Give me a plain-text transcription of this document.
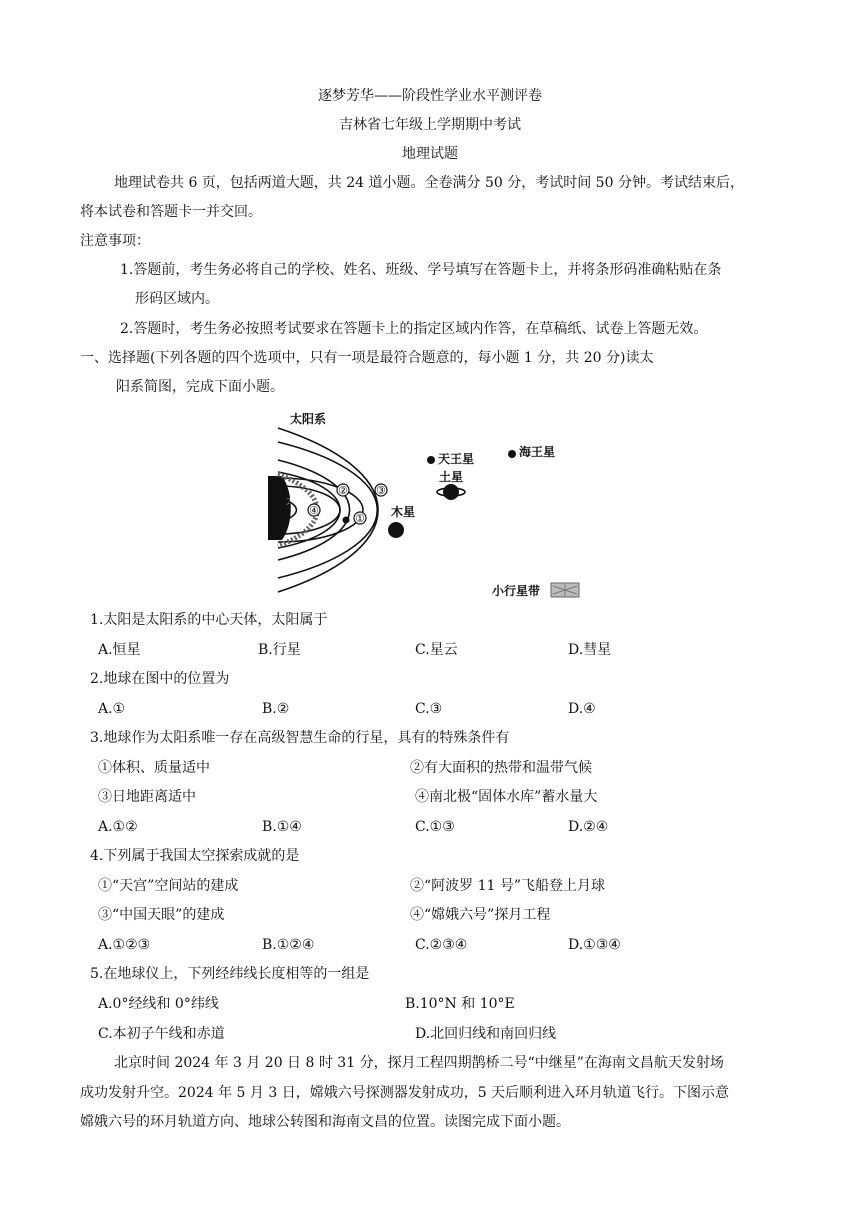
逐梦芳华——阶段性学业水平测评卷
吉林省七年级上学期期中考试
地理试题
地理试卷共 6 页，包括两道大题，共 24 道小题。全卷满分 50 分，考试时间 50 分钟。考试结束后，
将本试卷和答题卡一并交回。
注意事项：
1.答题前，考生务必将自己的学校、姓名、班级、学号填写在答题卡上，并将条形码准确粘贴在条
形码区域内。
2.答题时，考生务必按照考试要求在答题卡上的指定区域内作答，在草稿纸、试卷上答题无效。
一、选择题(下列各题的四个选项中，只有一项是最符合题意的，每小题 1 分，共 20 分)读太
阳系简图，完成下面小题。
太阳系
太阳
④
②
①
③
天王星	海王星
土星
木星
小行星带
1.太阳是太阳系的中心天体，太阳属于
A.恒星	B.行星	C.星云	D.彗星
2.地球在图中的位置为
A.①	B.②	C.③	D.④
3.地球作为太阳系唯一存在高级智慧生命的行星，具有的特殊条件有
①体积、质量适中	②有大面积的热带和温带气候
③日地距离适中	④南北极“固体水库”蓄水量大
A.①②	B.①④	C.①③	D.②④
4.下列属于我国太空探索成就的是
①“天宫”空间站的建成	②“阿波罗 11 号”飞船登上月球
③“中国天眼”的建成	④“嫦娥六号”探月工程
A.①②③	B.①②④	C.②③④	D.①③④
5.在地球仪上，下列经纬线长度相等的一组是
A.0°经线和 0°纬线	B.10°N 和 10°E
C.本初子午线和赤道	D.北回归线和南回归线
北京时间 2024 年 3 月 20 日 8 时 31 分，探月工程四期鹊桥二号“中继星”在海南文昌航天发射场
成功发射升空。2024 年 5 月 3 日，嫦娥六号探测器发射成功，5 天后顺利进入环月轨道飞行。下图示意
嫦娥六号的环月轨道方向、地球公转图和海南文昌的位置。读图完成下面小题。
